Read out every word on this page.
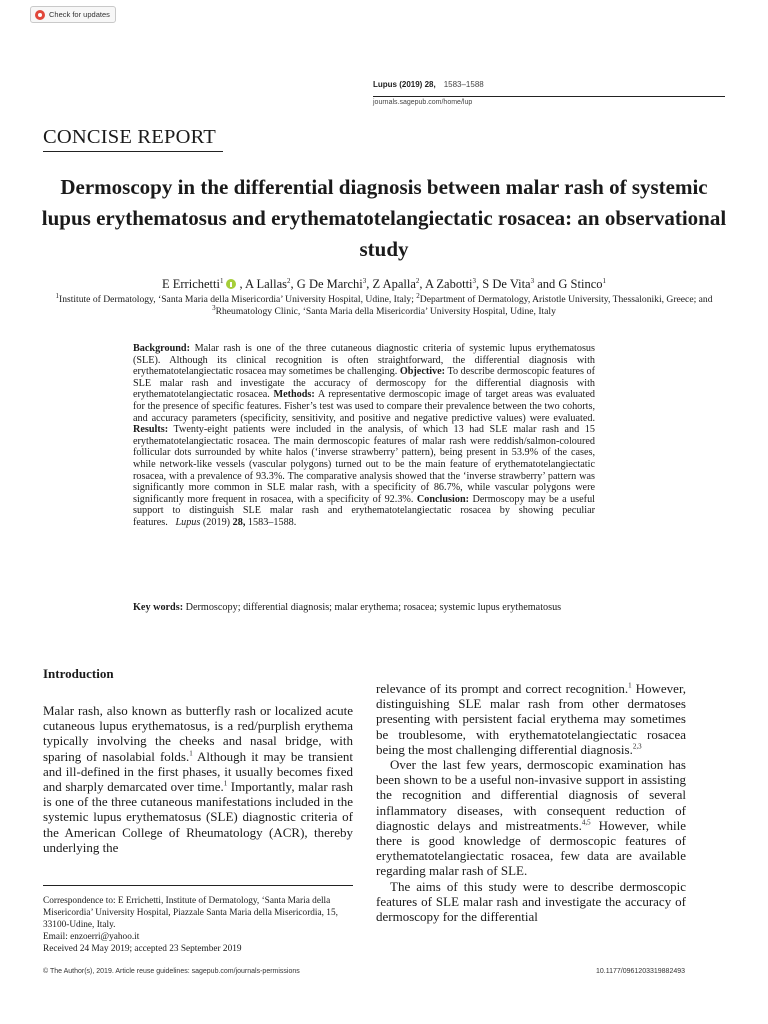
Check for updates
Lupus (2019) 28, 1583–1588
journals.sagepub.com/home/lup
CONCISE REPORT
Dermoscopy in the differential diagnosis between malar rash of systemic lupus erythematosus and erythematotelangiectatic rosacea: an observational study
E Errichetti$^1$ , A Lallas$^2$, G De Marchi$^3$, Z Apalla$^2$, A Zabotti$^3$, S De Vita$^3$ and G Stinco$^1$
$^1$Institute of Dermatology, ‘Santa Maria della Misericordia’ University Hospital, Udine, Italy; $^2$Department of Dermatology, Aristotle University, Thessaloniki, Greece; and $^3$Rheumatology Clinic, ‘Santa Maria della Misericordia’ University Hospital, Udine, Italy
Background: Malar rash is one of the three cutaneous diagnostic criteria of systemic lupus erythematosus (SLE). Although its clinical recognition is often straightforward, the differential diagnosis with erythematotelangiectatic rosacea may sometimes be challenging. Objective: To describe dermoscopic features of SLE malar rash and investigate the accuracy of dermoscopy for the differential diagnosis with erythematotelangiectatic rosacea. Methods: A representative dermoscopic image of target areas was evaluated for the presence of specific features. Fisher’s test was used to compare their prevalence between the two cohorts, and accuracy parameters (specificity, sensitivity, and positive and negative predictive values) were evaluated. Results: Twenty-eight patients were included in the analysis, of which 13 had SLE malar rash and 15 erythematotelangiectatic rosacea. The main dermoscopic features of malar rash were reddish/salmon-coloured follicular dots surrounded by white halos (‘inverse strawberry’ pattern), being present in 53.9% of the cases, while network-like vessels (vascular polygons) turned out to be the main feature of erythematotelangiectatic rosacea, with a prevalence of 93.3%. The comparative analysis showed that the ‘inverse strawberry’ pattern was significantly more common in SLE malar rash, with a specificity of 86.7%, while vascular polygons were significantly more frequent in rosacea, with a specificity of 92.3%. Conclusion: Dermoscopy may be a useful support to distinguish SLE malar rash and erythematotelangiectatic rosacea by showing peculiar features. Lupus (2019) 28, 1583–1588.
Key words: Dermoscopy; differential diagnosis; malar erythema; rosacea; systemic lupus erythematosus
Introduction

Malar rash, also known as butterfly rash or localized acute cutaneous lupus erythematosus, is a red/purplish erythema typically involving the cheeks and nasal bridge, with sparing of nasolabial folds.$^1$ Although it may be transient and ill-defined in the first phases, it usually becomes fixed and sharply demarcated over time.$^1$ Importantly, malar rash is one of the three cutaneous manifestations included in the systemic lupus erythematosus (SLE) diagnostic criteria of the American College of Rheumatology (ACR), thereby underlying the

relevance of its prompt and correct recognition.$^1$ However, distinguishing SLE malar rash from other dermatoses presenting with persistent facial erythema may sometimes be troublesome, with erythematotelangiectatic rosacea being the most challenging differential diagnosis.$^{2,3}$

Over the last few years, dermoscopic examination has been shown to be a useful non-invasive support in assisting the recognition and differential diagnosis of several inflammatory diseases, with consequent reduction of diagnostic delays and mistreatments.$^{4,5}$ However, while there is good knowledge of dermoscopic features of erythematotelangiectatic rosacea, few data are available regarding malar rash of SLE.

The aims of this study were to describe dermoscopic features of SLE malar rash and investigate the accuracy of dermoscopy for the differential

Correspondence to: E Errichetti, Institute of Dermatology, ‘Santa Maria della Misericordia’ University Hospital, Piazzale Santa Maria della Misericordia, 15, 33100-Udine, Italy.

Email: enzoerri@yahoo.it

Received 24 May 2019; accepted 23 September 2019

© The Author(s), 2019. Article reuse guidelines: sagepub.com/journals-permissions	10.1177/0961203319882493
